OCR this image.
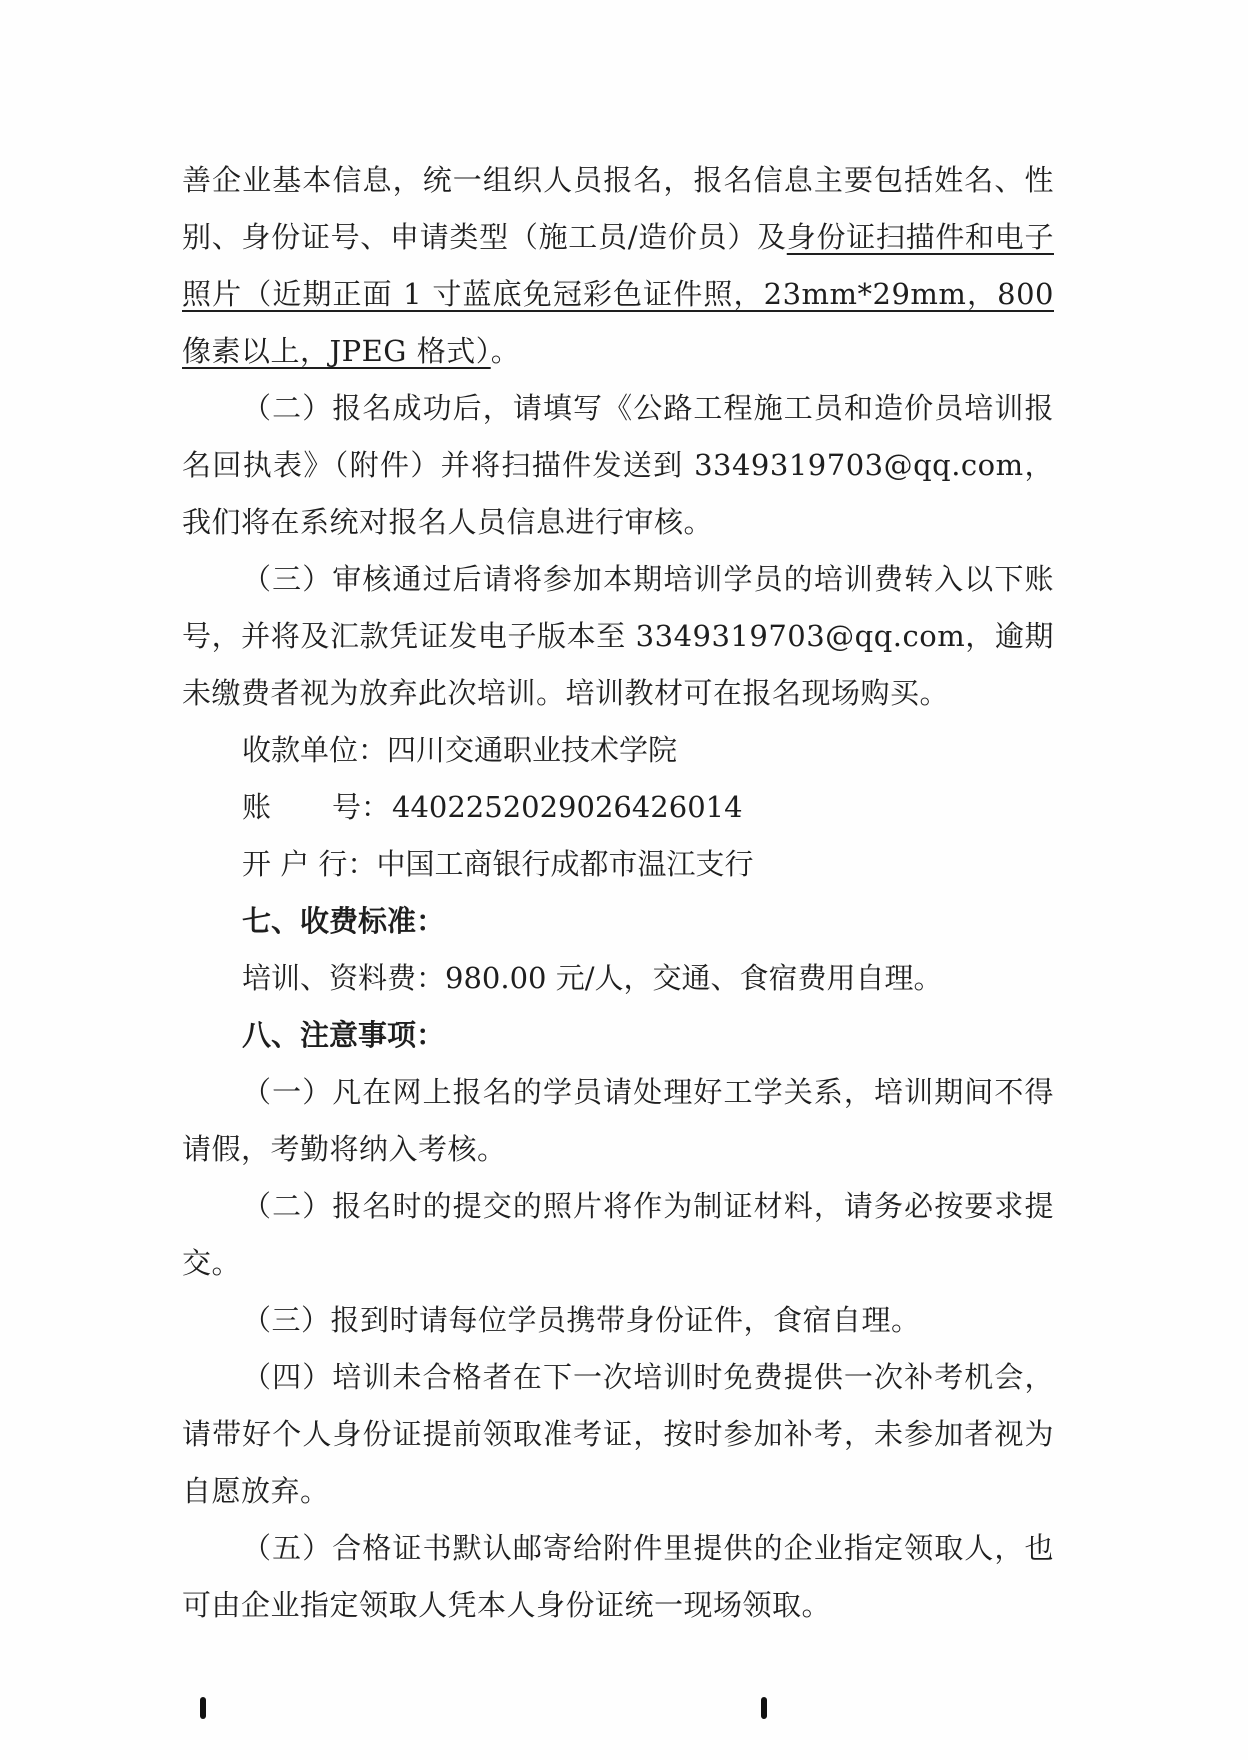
善企业基本信息，统一组织人员报名，报名信息主要包括姓名、性别、身份证号、申请类型（施工员/造价员）及身份证扫描件和电子照片（近期正面 1 寸蓝底免冠彩色证件照，23mm*29mm，800 像素以上，JPEG 格式）。

（二）报名成功后，请填写《公路工程施工员和造价员培训报名回执表》（附件）并将扫描件发送到 3349319703@qq.com，我们将在系统对报名人员信息进行审核。

（三）审核通过后请将参加本期培训学员的培训费转入以下账号，并将及汇款凭证发电子版本至 3349319703@qq.com，逾期未缴费者视为放弃此次培训。培训教材可在报名现场购买。

收款单位：四川交通职业技术学院
账 号：4402252029026426014
开 户 行：中国工商银行成都市温江支行
七、收费标准：
培训、资料费：980.00 元/人，交通、食宿费用自理。
八、注意事项：

（一）凡在网上报名的学员请处理好工学关系，培训期间不得请假，考勤将纳入考核。

（二）报名时的提交的照片将作为制证材料，请务必按要求提交。

（三）报到时请每位学员携带身份证件，食宿自理。

（四）培训未合格者在下一次培训时免费提供一次补考机会，请带好个人身份证提前领取准考证，按时参加补考，未参加者视为自愿放弃。

（五）合格证书默认邮寄给附件里提供的企业指定领取人，也可由企业指定领取人凭本人身份证统一现场领取。
